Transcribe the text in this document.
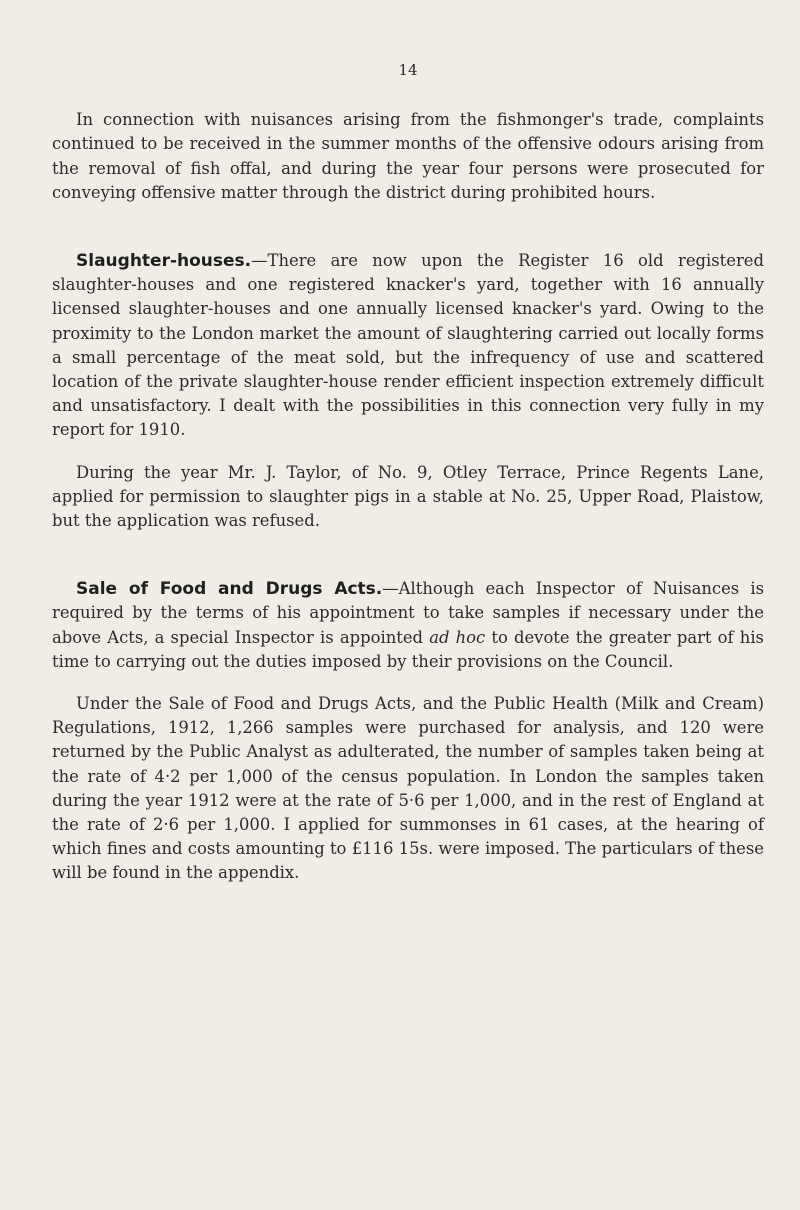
14

In connection with nuisances arising from the fishmonger's trade, complaints continued to be received in the summer months of the offensive odours arising from the removal of fish offal, and during the year four persons were prosecuted for conveying offensive matter through the district during prohibited hours.

Slaughter-houses.—There are now upon the Register 16 old registered slaughter-houses and one registered knacker's yard, together with 16 annually licensed slaughter-houses and one annually licensed knacker's yard. Owing to the proximity to the London market the amount of slaughtering carried out locally forms a small percentage of the meat sold, but the infrequency of use and scattered location of the private slaughter-house render efficient inspection extremely difficult and unsatisfactory. I dealt with the possibilities in this connection very fully in my report for 1910.

During the year Mr. J. Taylor, of No. 9, Otley Terrace, Prince Regents Lane, applied for permission to slaughter pigs in a stable at No. 25, Upper Road, Plaistow, but the application was refused.

Sale of Food and Drugs Acts.—Although each Inspector of Nuisances is required by the terms of his appointment to take samples if necessary under the above Acts, a special Inspector is appointed ad hoc to devote the greater part of his time to carrying out the duties imposed by their provisions on the Council.

Under the Sale of Food and Drugs Acts, and the Public Health (Milk and Cream) Regulations, 1912, 1,266 samples were purchased for analysis, and 120 were returned by the Public Analyst as adulterated, the number of samples taken being at the rate of 4·2 per 1,000 of the census population. In London the samples taken during the year 1912 were at the rate of 5·6 per 1,000, and in the rest of England at the rate of 2·6 per 1,000. I applied for summonses in 61 cases, at the hearing of which fines and costs amounting to £116 15s. were imposed. The particulars of these will be found in the appendix.
